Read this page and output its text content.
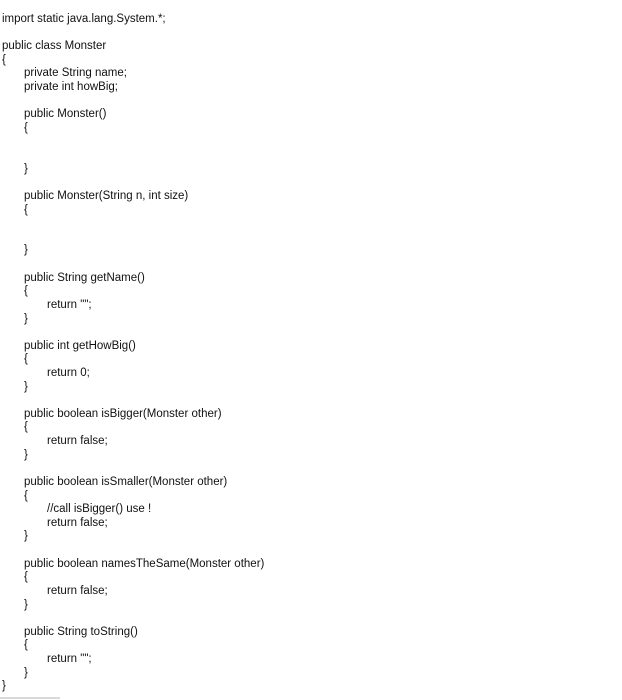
import static java.lang.System.*;
public class Monster
{
private String name;
private int howBig;
public Monster()
{
}
public Monster(String n, int size)
{
}
public String getName()
{
return "";
}
public int getHowBig()
{
return 0;
}
public boolean isBigger(Monster other)
{
return false;
}
public boolean isSmaller(Monster other)
{
//call isBigger() use !
return false;
}
public boolean namesTheSame(Monster other)
{
return false;
}
public String toString()
{
return "";
}
}
